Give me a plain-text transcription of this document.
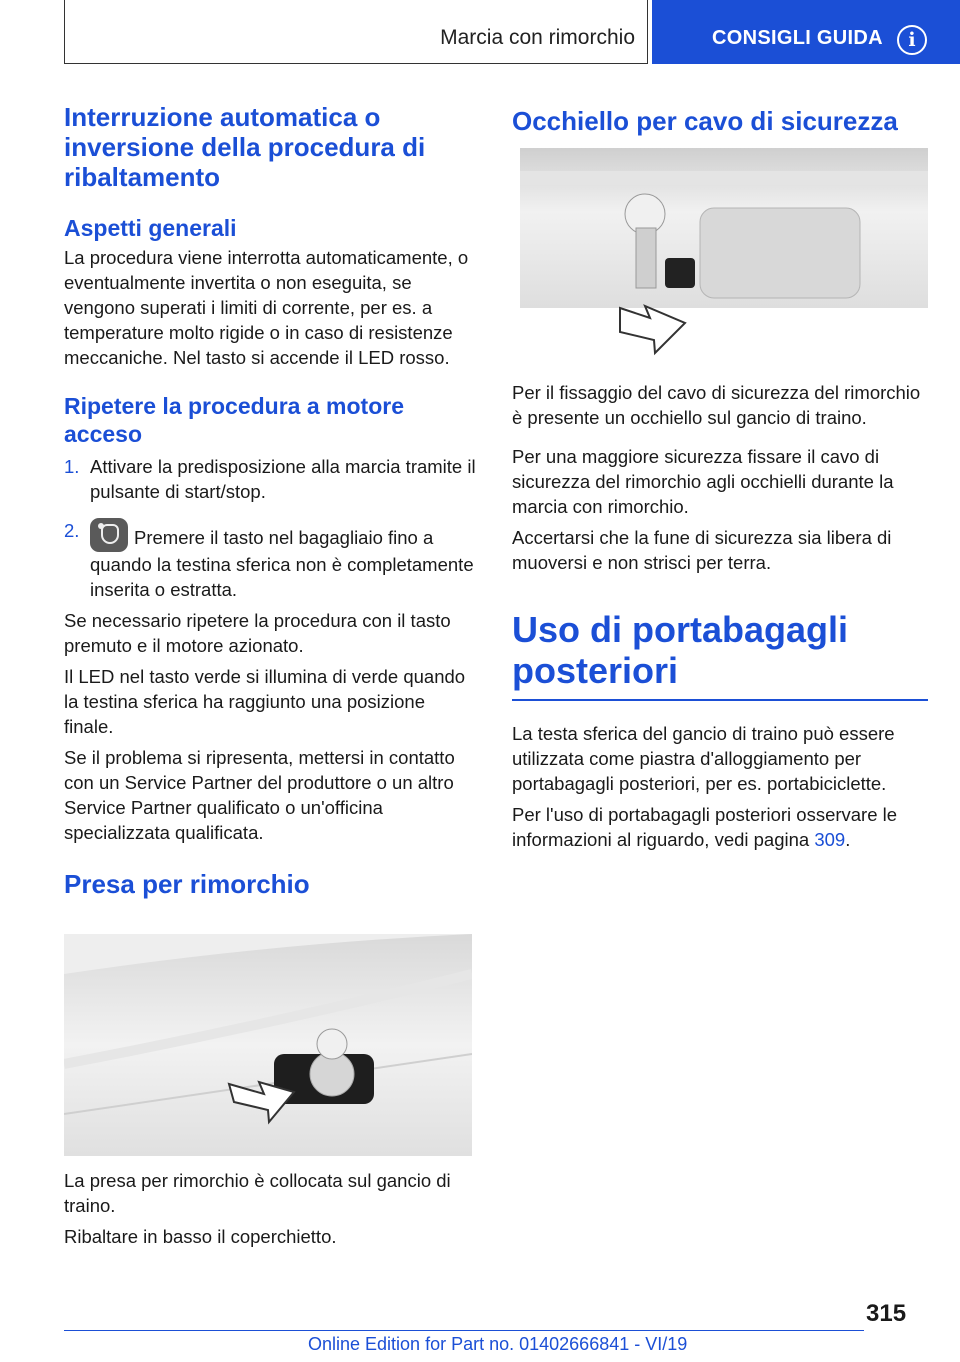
Marcia con rimorchio	CONSIGLI GUIDA	i
Interruzione automatica o inversione della procedura di ribaltamento
Aspetti generali

La procedura viene interrotta automaticamente, o eventualmente invertita o non eseguita, se vengono superati i limiti di corrente, per es. a temperature molto rigide o in caso di resistenze meccaniche. Nel tasto si accende il LED rosso.

Ripetere la procedura a motore acceso
1. Attivare la predisposizione alla marcia tramite il pulsante di start/stop.
2.	Premere il tasto nel bagagliaio fino a quando la testina sferica non è completamente inserita o estratta.

Se necessario ripetere la procedura con il tasto premuto e il motore azionato.

Il LED nel tasto verde si illumina di verde quando la testina sferica ha raggiunto una posizione finale.

Se il problema si ripresenta, mettersi in contatto con un Service Partner del produttore o un altro Service Partner qualificato o un'officina specializzata qualificata.

Presa per rimorchio

La presa per rimorchio è collocata sul gancio di traino.

Ribaltare in basso il coperchietto.

Occhiello per cavo di sicurezza

Per il fissaggio del cavo di sicurezza del rimorchio è presente un occhiello sul gancio di traino.

Per una maggiore sicurezza fissare il cavo di sicurezza del rimorchio agli occhielli durante la marcia con rimorchio.

Accertarsi che la fune di sicurezza sia libera di muoversi e non strisci per terra.

Uso di portabagagli posteriori

La testa sferica del gancio di traino può essere utilizzata come piastra d'alloggiamento per portabagagli posteriori, per es. portabiciclette.

Per l'uso di portabagagli posteriori osservare le informazioni al riguardo, vedi pagina 309.

315
Online Edition for Part no. 01402666841 - VI/19
